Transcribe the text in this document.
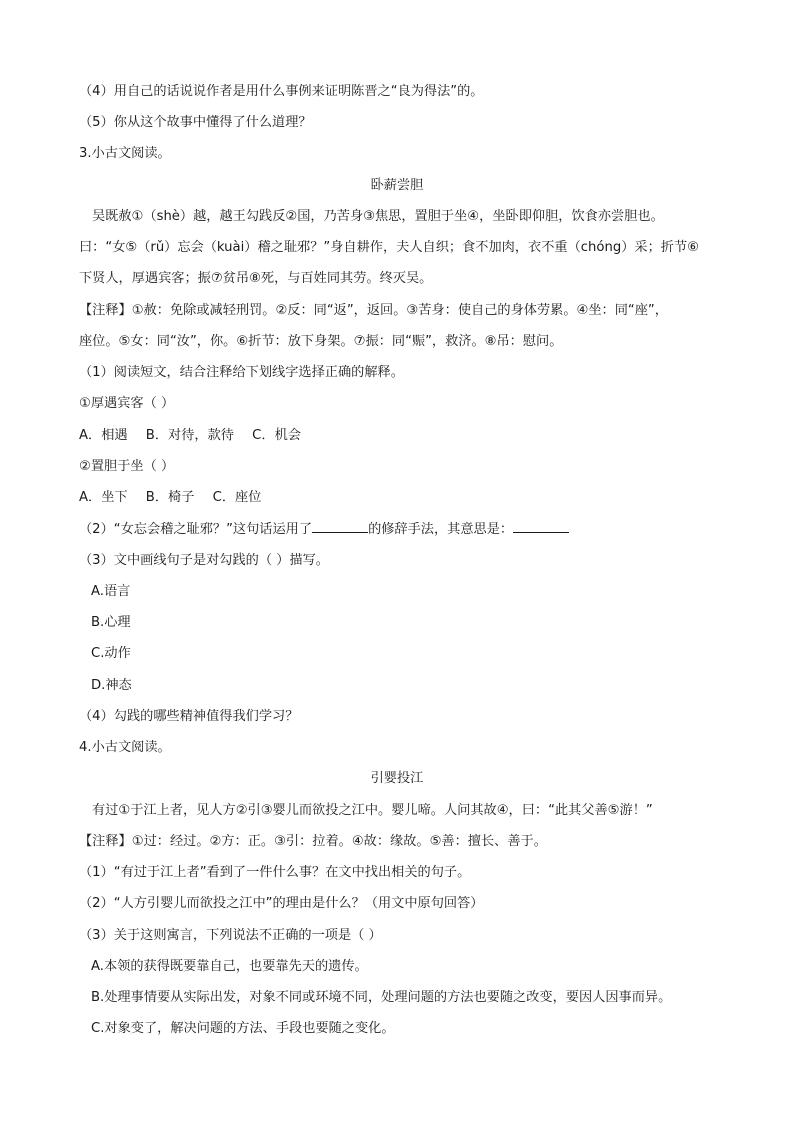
（4）用自己的话说说作者是用什么事例来证明陈晋之“良为得法”的。
（5）你从这个故事中懂得了什么道理？
3.小古文阅读。
卧薪尝胆
吴既赦①（shè）越，越王勾践反②国，乃苦身③焦思，置胆于坐④，坐卧即仰胆，饮食亦尝胆也。
曰：“女⑤（rǔ）忘会（kuài）稽之耻邪？”身自耕作，夫人自织；食不加肉，衣不重（chóng）采；折节⑥
下贤人，厚遇宾客；振⑦贫吊⑧死，与百姓同其劳。终灭吴。
【注释】①赦：免除或减轻刑罚。②反：同“返”，返回。③苦身：使自己的身体劳累。④坐：同“座”，
座位。⑤女：同“汝”，你。⑥折节：放下身架。⑦振：同“赈”，救济。⑧吊：慰问。
（1）阅读短文，结合注释给下划线字选择正确的解释。
①厚遇宾客（ ）
A．相遇 B．对待，款待 C．机会
②置胆于坐（ ）
A．坐下 B．椅子 C．座位
（2）“女忘会稽之耻邪？”这句话运用了	的修辞手法，其意思是：
（3）文中画线句子是对勾践的（ ）描写。
A.语言
B.心理
C.动作
D.神态
（4）勾践的哪些精神值得我们学习？
4.小古文阅读。
引婴投江
有过①于江上者，见人方②引③婴儿而欲投之江中。婴儿啼。人问其故④，曰：“此其父善⑤游！”
【注释】①过：经过。②方：正。③引：拉着。④故：缘故。⑤善：擅长、善于。
（1）“有过于江上者”看到了一件什么事？在文中找出相关的句子。
（2）“人方引婴儿而欲投之江中”的理由是什么？（用文中原句回答）
（3）关于这则寓言，下列说法不正确的一项是（ ）
A.本领的获得既要靠自己，也要靠先天的遗传。
B.处理事情要从实际出发，对象不同或环境不同，处理问题的方法也要随之改变，要因人因事而异。
C.对象变了，解决问题的方法、手段也要随之变化。
